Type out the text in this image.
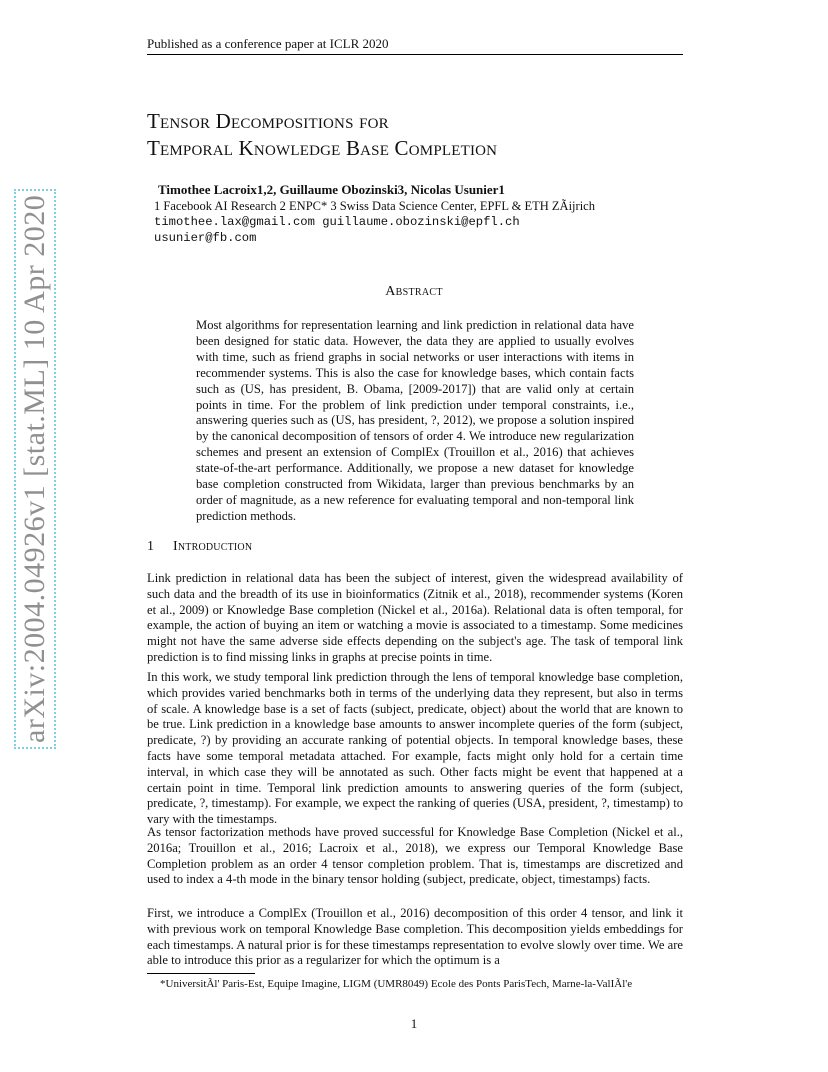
Published as a conference paper at ICLR 2020
Tensor Decompositions for
Temporal Knowledge Base Completion
Timothee Lacroix1,2, Guillaume Obozinski3, Nicolas Usunier1
1 Facebook AI Research 2 ENPC* 3 Swiss Data Science Center, EPFL & ETH ZÃijrich
timothee.lax@gmail.com guillaume.obozinski@epfl.ch
usunier@fb.com
Abstract
Most algorithms for representation learning and link prediction in relational data have been designed for static data. However, the data they are applied to usually evolves with time, such as friend graphs in social networks or user interactions with items in recommender systems. This is also the case for knowledge bases, which contain facts such as (US, has president, B. Obama, [2009-2017]) that are valid only at certain points in time. For the problem of link prediction under temporal constraints, i.e., answering queries such as (US, has president, ?, 2012), we propose a solution inspired by the canonical decomposition of tensors of order 4. We introduce new regularization schemes and present an extension of ComplEx (Trouillon et al., 2016) that achieves state-of-the-art performance. Additionally, we propose a new dataset for knowledge base completion constructed from Wikidata, larger than previous benchmarks by an order of magnitude, as a new reference for evaluating temporal and non-temporal link prediction methods.
1 Introduction
Link prediction in relational data has been the subject of interest, given the widespread availability of such data and the breadth of its use in bioinformatics (Zitnik et al., 2018), recommender systems (Koren et al., 2009) or Knowledge Base completion (Nickel et al., 2016a). Relational data is often temporal, for example, the action of buying an item or watching a movie is associated to a timestamp. Some medicines might not have the same adverse side effects depending on the subject's age. The task of temporal link prediction is to find missing links in graphs at precise points in time.
In this work, we study temporal link prediction through the lens of temporal knowledge base completion, which provides varied benchmarks both in terms of the underlying data they represent, but also in terms of scale. A knowledge base is a set of facts (subject, predicate, object) about the world that are known to be true. Link prediction in a knowledge base amounts to answer incomplete queries of the form (subject, predicate, ?) by providing an accurate ranking of potential objects. In temporal knowledge bases, these facts have some temporal metadata attached. For example, facts might only hold for a certain time interval, in which case they will be annotated as such. Other facts might be event that happened at a certain point in time. Temporal link prediction amounts to answering queries of the form (subject, predicate, ?, timestamp). For example, we expect the ranking of queries (USA, president, ?, timestamp) to vary with the timestamps.
As tensor factorization methods have proved successful for Knowledge Base Completion (Nickel et al., 2016a; Trouillon et al., 2016; Lacroix et al., 2018), we express our Temporal Knowledge Base Completion problem as an order 4 tensor completion problem. That is, timestamps are discretized and used to index a 4-th mode in the binary tensor holding (subject, predicate, object, timestamps) facts.
First, we introduce a ComplEx (Trouillon et al., 2016) decomposition of this order 4 tensor, and link it with previous work on temporal Knowledge Base completion. This decomposition yields embeddings for each timestamps. A natural prior is for these timestamps representation to evolve slowly over time. We are able to introduce this prior as a regularizer for which the optimum is a
*UniversitÃl' Paris-Est, Equipe Imagine, LIGM (UMR8049) Ecole des Ponts ParisTech, Marne-la-ValIÃl'e
1
arXiv:2004.04926v1 [stat.ML] 10 Apr 2020
